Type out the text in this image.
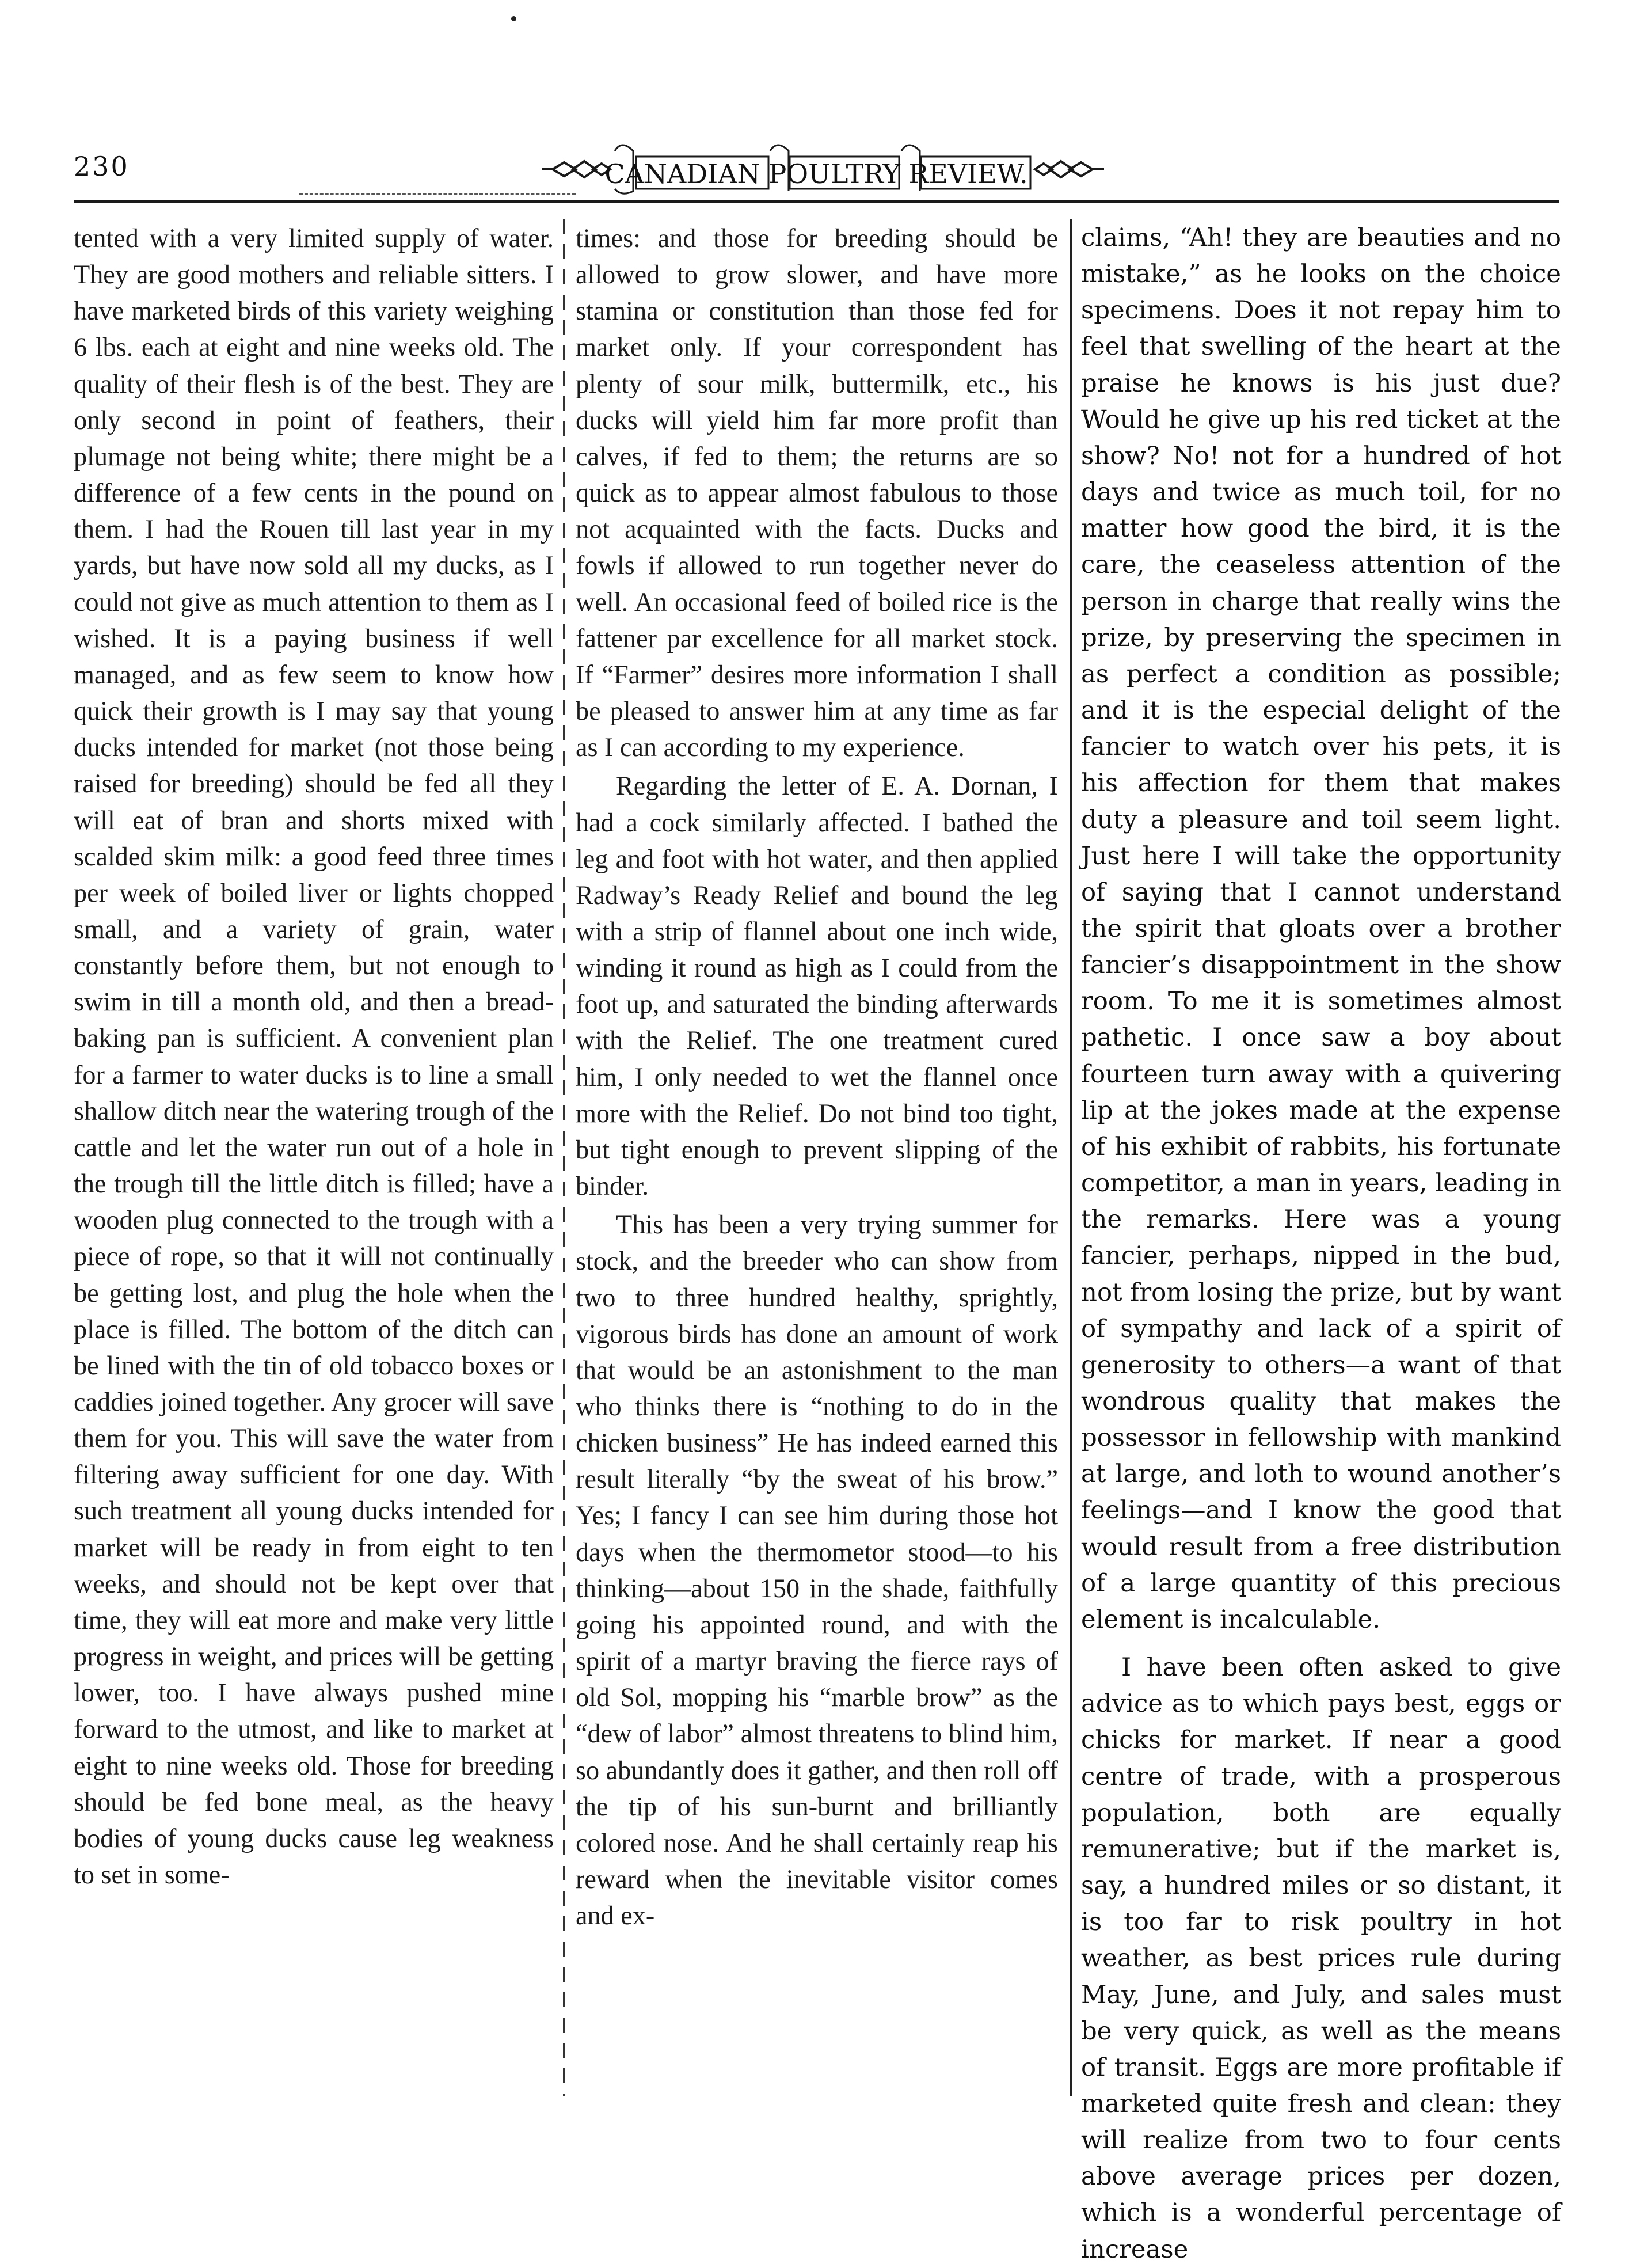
230	CANADIAN POULTRY REVIEW.

tented with a very limited supply of water. They are good mothers and reliable sitters. I have marketed birds of this variety weighing 6 lbs. each at eight and nine weeks old. The quality of their flesh is of the best. They are only second in point of feathers, their plumage not being white; there might be a difference of a few cents in the pound on them. I had the Rouen till last year in my yards, but have now sold all my ducks, as I could not give as much attention to them as I wished. It is a paying business if well managed, and as few seem to know how quick their growth is I may say that young ducks intended for market (not those being raised for breeding) should be fed all they will eat of bran and shorts mixed with scalded skim milk: a good feed three times per week of boiled liver or lights chopped small, and a variety of grain, water constantly before them, but not enough to swim in till a month old, and then a bread-baking pan is sufficient. A convenient plan for a farmer to water ducks is to line a small shallow ditch near the watering trough of the cattle and let the water run out of a hole in the trough till the little ditch is filled; have a wooden plug connected to the trough with a piece of rope, so that it will not continually be getting lost, and plug the hole when the place is filled. The bottom of the ditch can be lined with the tin of old tobacco boxes or caddies joined together. Any grocer will save them for you. This will save the water from filtering away sufficient for one day. With such treatment all young ducks intended for market will be ready in from eight to ten weeks, and should not be kept over that time, they will eat more and make very little progress in weight, and prices will be getting lower, too. I have always pushed mine forward to the utmost, and like to market at eight to nine weeks old. Those for breeding should be fed bone meal, as the heavy bodies of young ducks cause leg weakness to set in some-

times: and those for breeding should be allowed to grow slower, and have more stamina or constitution than those fed for market only. If your correspondent has plenty of sour milk, buttermilk, etc., his ducks will yield him far more profit than calves, if fed to them; the returns are so quick as to appear almost fabulous to those not acquainted with the facts. Ducks and fowls if allowed to run together never do well. An occasional feed of boiled rice is the fattener par excellence for all market stock. If “Farmer” desires more information I shall be pleased to answer him at any time as far as I can according to my experience.

Regarding the letter of E. A. Dornan, I had a cock similarly affected. I bathed the leg and foot with hot water, and then applied Radway’s Ready Relief and bound the leg with a strip of flannel about one inch wide, winding it round as high as I could from the foot up, and saturated the binding afterwards with the Relief. The one treatment cured him, I only needed to wet the flannel once more with the Relief. Do not bind too tight, but tight enough to prevent slipping of the binder.

This has been a very trying summer for stock, and the breeder who can show from two to three hundred healthy, sprightly, vigorous birds has done an amount of work that would be an astonishment to the man who thinks there is “nothing to do in the chicken business” He has indeed earned this result literally “by the sweat of his brow.” Yes; I fancy I can see him during those hot days when the thermometor stood—to his thinking—about 150 in the shade, faithfully going his appointed round, and with the spirit of a martyr braving the fierce rays of old Sol, mopping his “marble brow” as the “dew of labor” almost threatens to blind him, so abundantly does it gather, and then roll off the tip of his sun-burnt and brilliantly colored nose. And he shall certainly reap his reward when the inevitable visitor comes and ex-

claims, “Ah! they are beauties and no mistake,” as he looks on the choice specimens. Does it not repay him to feel that swelling of the heart at the praise he knows is his just due? Would he give up his red ticket at the show? No! not for a hundred of hot days and twice as much toil, for no matter how good the bird, it is the care, the ceaseless attention of the person in charge that really wins the prize, by preserving the specimen in as perfect a condition as possible; and it is the especial delight of the fancier to watch over his pets, it is his affection for them that makes duty a pleasure and toil seem light. Just here I will take the opportunity of saying that I cannot understand the spirit that gloats over a brother fancier’s disappointment in the show room. To me it is sometimes almost pathetic. I once saw a boy about fourteen turn away with a quivering lip at the jokes made at the expense of his exhibit of rabbits, his fortunate competitor, a man in years, leading in the remarks. Here was a young fancier, perhaps, nipped in the bud, not from losing the prize, but by want of sympathy and lack of a spirit of generosity to others—a want of that wondrous quality that makes the possessor in fellowship with mankind at large, and loth to wound another’s feelings—and I know the good that would result from a free distribution of a large quantity of this precious element is incalculable.

I have been often asked to give advice as to which pays best, eggs or chicks for market. If near a good centre of trade, with a prosperous population, both are equally remunerative; but if the market is, say, a hundred miles or so distant, it is too far to risk poultry in hot weather, as best prices rule during May, June, and July, and sales must be very quick, as well as the means of transit. Eggs are more profitable if marketed quite fresh and clean: they will realize from two to four cents above average prices per dozen, which is a wonderful percentage of increase
